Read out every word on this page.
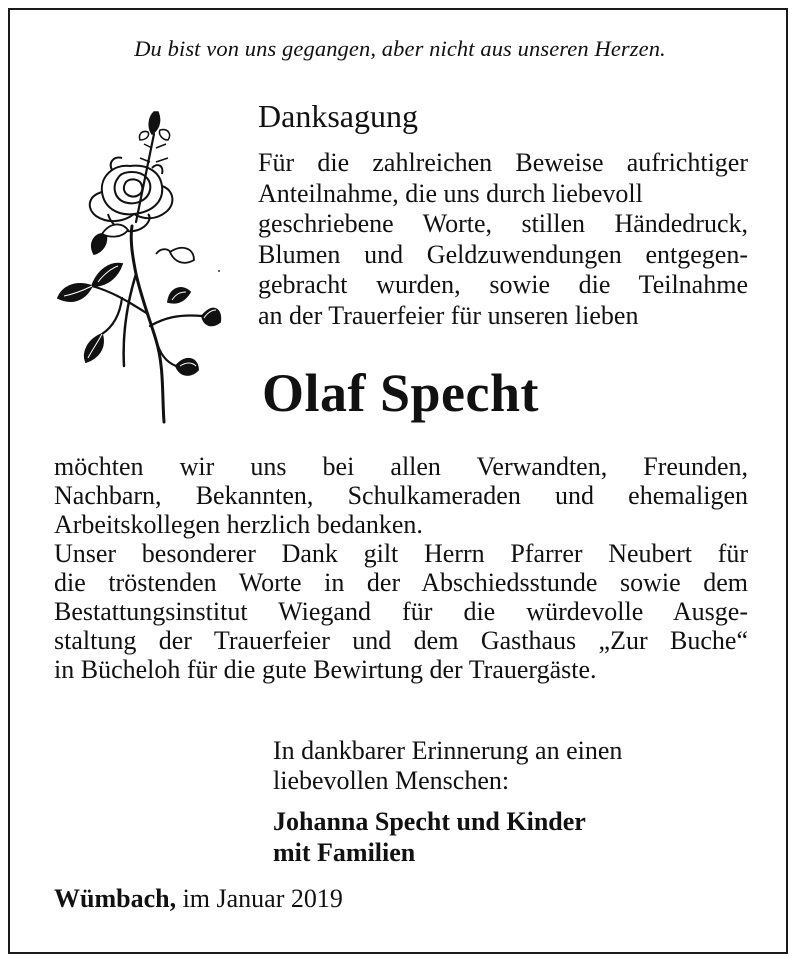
Du bist von uns gegangen, aber nicht aus unseren Herzen.
Danksagung
Für die zahlreichen Beweise aufrichtiger
Anteilnahme, die uns durch liebevoll
geschriebene Worte, stillen Händedruck,
Blumen und Geldzuwendungen entgegen-
gebracht wurden, sowie die Teilnahme
an der Trauerfeier für unseren lieben
Olaf Specht
möchten wir uns bei allen Verwandten, Freunden,
Nachbarn, Bekannten, Schulkameraden und ehemaligen
Arbeitskollegen herzlich bedanken.
Unser besonderer Dank gilt Herrn Pfarrer Neubert für
die tröstenden Worte in der Abschiedsstunde sowie dem
Bestattungsinstitut Wiegand für die würdevolle Ausge-
staltung der Trauerfeier und dem Gasthaus „Zur Buche“
in Bücheloh für die gute Bewirtung der Trauergäste.
In dankbarer Erinnerung an einen
liebevollen Menschen:
Johanna Specht und Kinder
mit Familien
Wümbach, im Januar 2019
